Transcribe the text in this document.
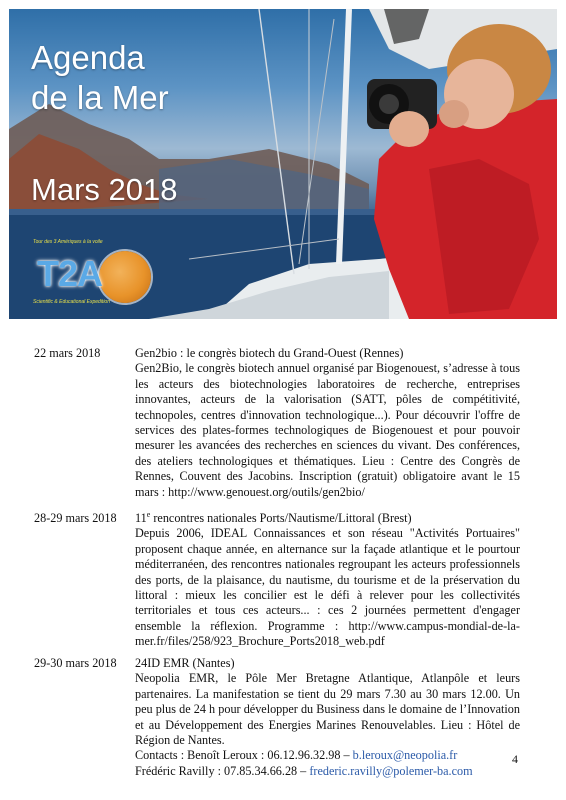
Agenda
de la Mer
Mars 2018
Tour des 3 Amériques à la voile
T2A
Scientific & Educational Expedition
22 mars 2018	Gen2bio : le congrès biotech du Grand-Ouest (Rennes)
Gen2Bio, le congrès biotech annuel organisé par Biogenouest, s’adresse à tous les acteurs des biotechnologies laboratoires de recherche, entreprises innovantes, acteurs de la valorisation (SATT, pôles de compétitivité, technopoles, centres d'innovation technologique...). Pour découvrir l'offre de services des plates-formes technologiques de Biogenouest et pour pouvoir mesurer les avancées des recherches en sciences du vivant. Des conférences, des ateliers technologiques et thématiques. Lieu : Centre des Congrès de Rennes, Couvent des Jacobins. Inscription (gratuit) obligatoire avant le 15 mars : http://www.genouest.org/outils/gen2bio/
28-29 mars 2018	11e rencontres nationales Ports/Nautisme/Littoral (Brest)
Depuis 2006, IDEAL Connaissances et son réseau "Activités Portuaires" proposent chaque année, en alternance sur la façade atlantique et le pourtour méditerranéen, des rencontres nationales regroupant les acteurs professionnels des ports, de la plaisance, du nautisme, du tourisme et de la préservation du littoral : mieux les concilier est le défi à relever pour les collectivités territoriales et tous ces acteurs... : ces 2 journées permettent d'engager ensemble la réflexion. Programme : http://www.campus-mondial-de-la-mer.fr/files/258/923_Brochure_Ports2018_web.pdf
29-30 mars 2018	24ID EMR (Nantes)
Neopolia EMR, le Pôle Mer Bretagne Atlantique, Atlanpôle et leurs partenaires. La manifestation se tient du 29 mars 7.30 au 30 mars 12.00. Un peu plus de 24 h pour développer du Business dans le domaine de l’Innovation et au Développement des Energies Marines Renouvelables. Lieu : Hôtel de Région de Nantes.
Contacts : Benoît Leroux : 06.12.96.32.98 – b.leroux@neopolia.fr
Frédéric Ravilly : 07.85.34.66.28 – frederic.ravilly@polemer-ba.com
4
